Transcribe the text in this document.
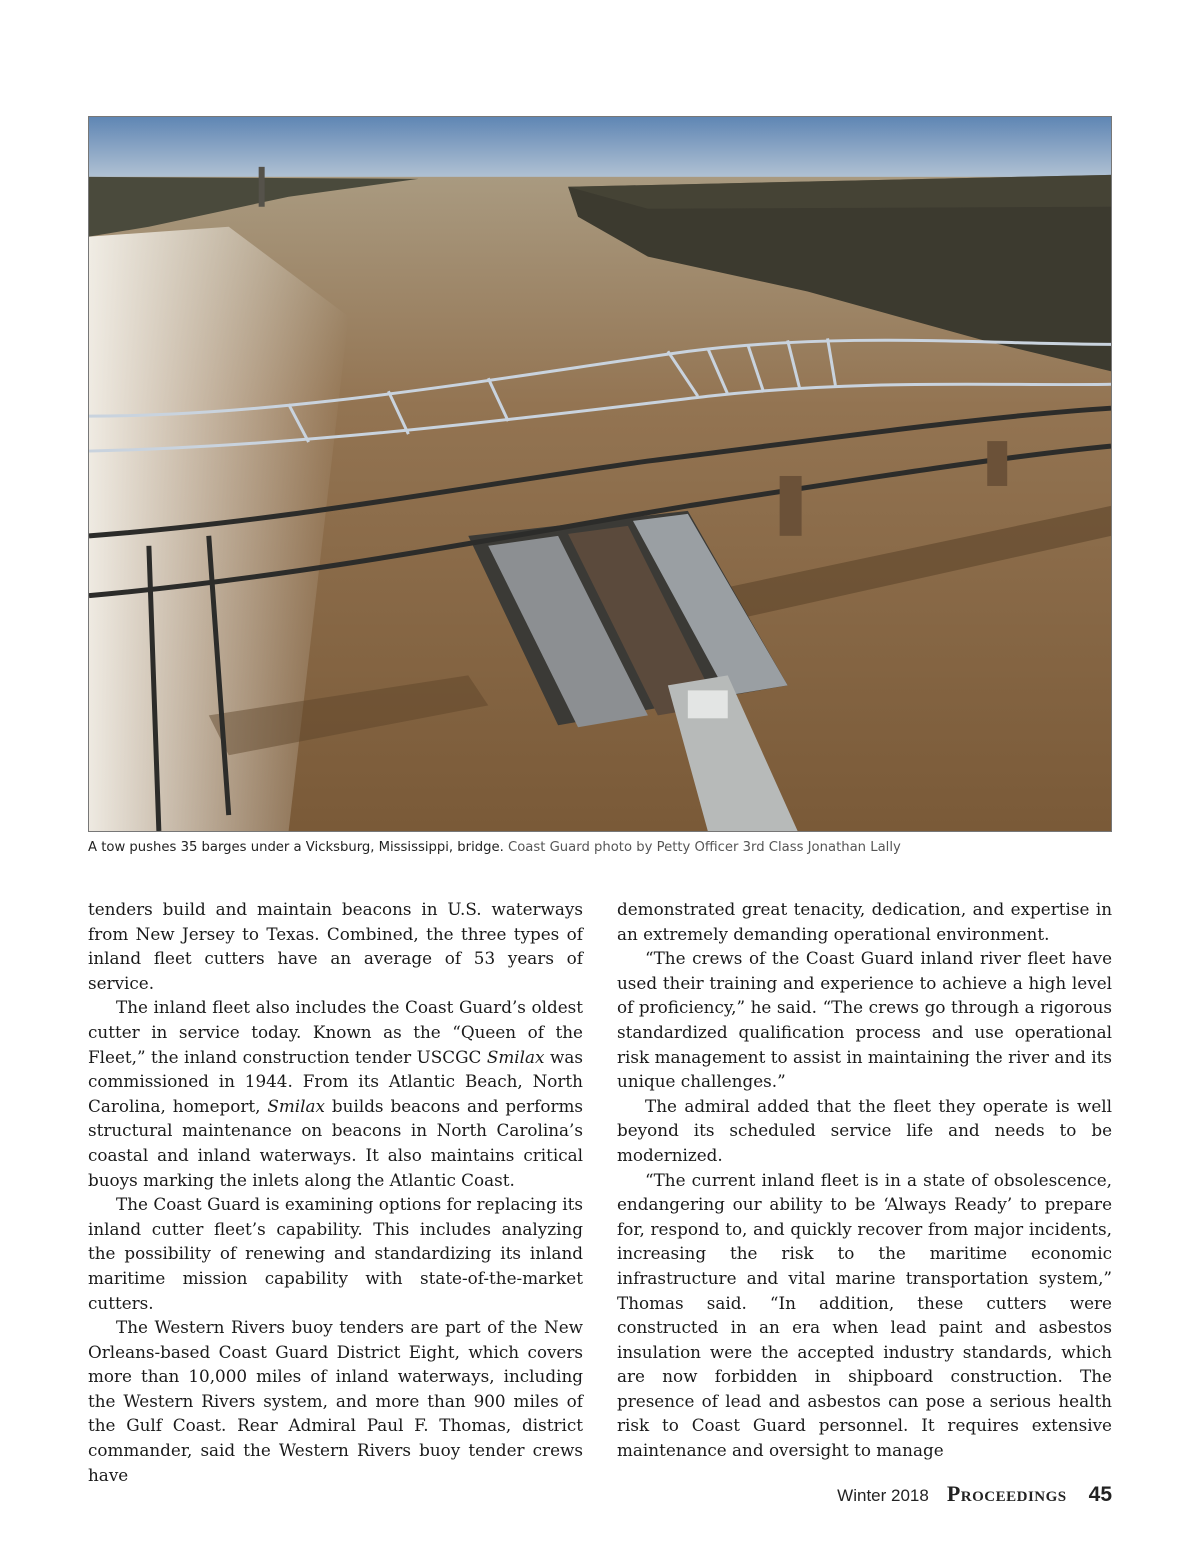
A tow pushes 35 barges under a Vicksburg, Mississippi, bridge. Coast Guard photo by Petty Officer 3rd Class Jonathan Lally

tenders build and maintain beacons in U.S. waterways from New Jersey to Texas. Combined, the three types of inland fleet cutters have an average of 53 years of service.

The inland fleet also includes the Coast Guard’s oldest cutter in service today. Known as the “Queen of the Fleet,” the inland construction tender USCGC Smilax was commissioned in 1944. From its Atlantic Beach, North Carolina, homeport, Smilax builds beacons and performs structural maintenance on beacons in North Carolina’s coastal and inland waterways. It also maintains critical buoys marking the inlets along the Atlantic Coast.

The Coast Guard is examining options for replacing its inland cutter fleet’s capability. This includes analyzing the possibility of renewing and standardizing its inland maritime mission capability with state-of-the-market cutters.

The Western Rivers buoy tenders are part of the New Orleans-based Coast Guard District Eight, which covers more than 10,000 miles of inland waterways, including the Western Rivers system, and more than 900 miles of the Gulf Coast. Rear Admiral Paul F. Thomas, district commander, said the Western Rivers buoy tender crews have

demonstrated great tenacity, dedication, and expertise in an extremely demanding operational environment.

“The crews of the Coast Guard inland river fleet have used their training and experience to achieve a high level of proficiency,” he said. “The crews go through a rigorous standardized qualification process and use operational risk management to assist in maintaining the river and its unique challenges.”

The admiral added that the fleet they operate is well beyond its scheduled service life and needs to be modernized.

“The current inland fleet is in a state of obsolescence, endangering our ability to be ‘Always Ready’ to prepare for, respond to, and quickly recover from major incidents, increasing the risk to the maritime economic infrastructure and vital marine transportation system,” Thomas said. “In addition, these cutters were constructed in an era when lead paint and asbestos insulation were the accepted industry standards, which are now forbidden in shipboard construction. The presence of lead and asbestos can pose a serious health risk to Coast Guard personnel. It requires extensive maintenance and oversight to manage

Winter 2018 Proceedings 45
